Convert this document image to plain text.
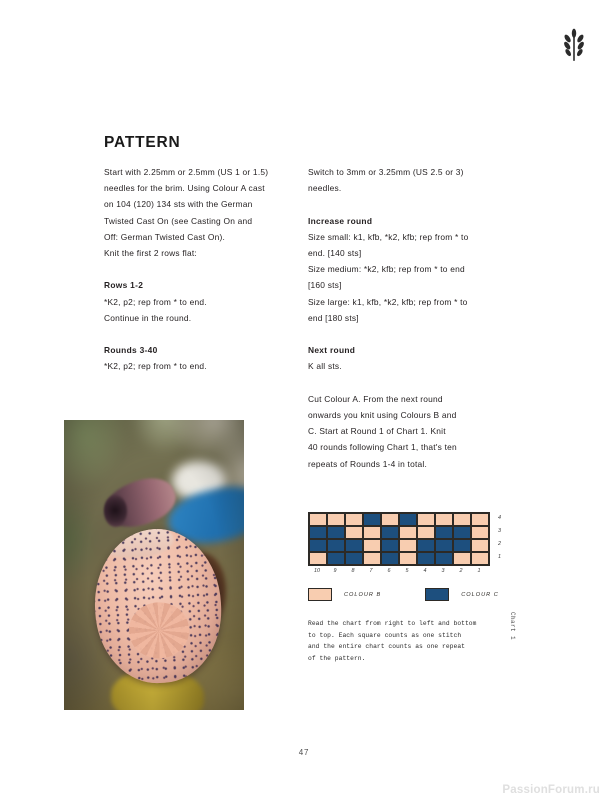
PATTERN

Start with 2.25mm or 2.5mm (US 1 or 1.5)

needles for the brim. Using Colour A cast

on 104 (120) 134 sts with the German

Twisted Cast On (see Casting On and

Off: German Twisted Cast On).

Knit the first 2 rows flat:

Rows 1-2

*K2, p2; rep from * to end.

Continue in the round.

Rounds 3-40

*K2, p2; rep from * to end.

Switch to 3mm or 3.25mm (US 2.5 or 3)

needles.

Increase round

Size small: k1, kfb, *k2, kfb; rep from * to

end. [140 sts]

Size medium: *k2, kfb; rep from * to end

[160 sts]

Size large: k1, kfb, *k2, kfb; rep from * to

end [180 sts]

Next round

K all sts.

Cut Colour A. From the next round

onwards you knit using Colours B and

C. Start at Round 1 of Chart 1. Knit

40 rounds following Chart 1, that's ten

repeats of Rounds 1-4 in total.

4
3
2
1
10	9	8	7	6	5	4	3	2	1
COLOUR B	COLOUR C
Read the chart from right to left and bottom
to top. Each square counts as one stitch
and the entire chart counts as one repeat
of the pattern.
Chart 1
47
PassionForum.ru
